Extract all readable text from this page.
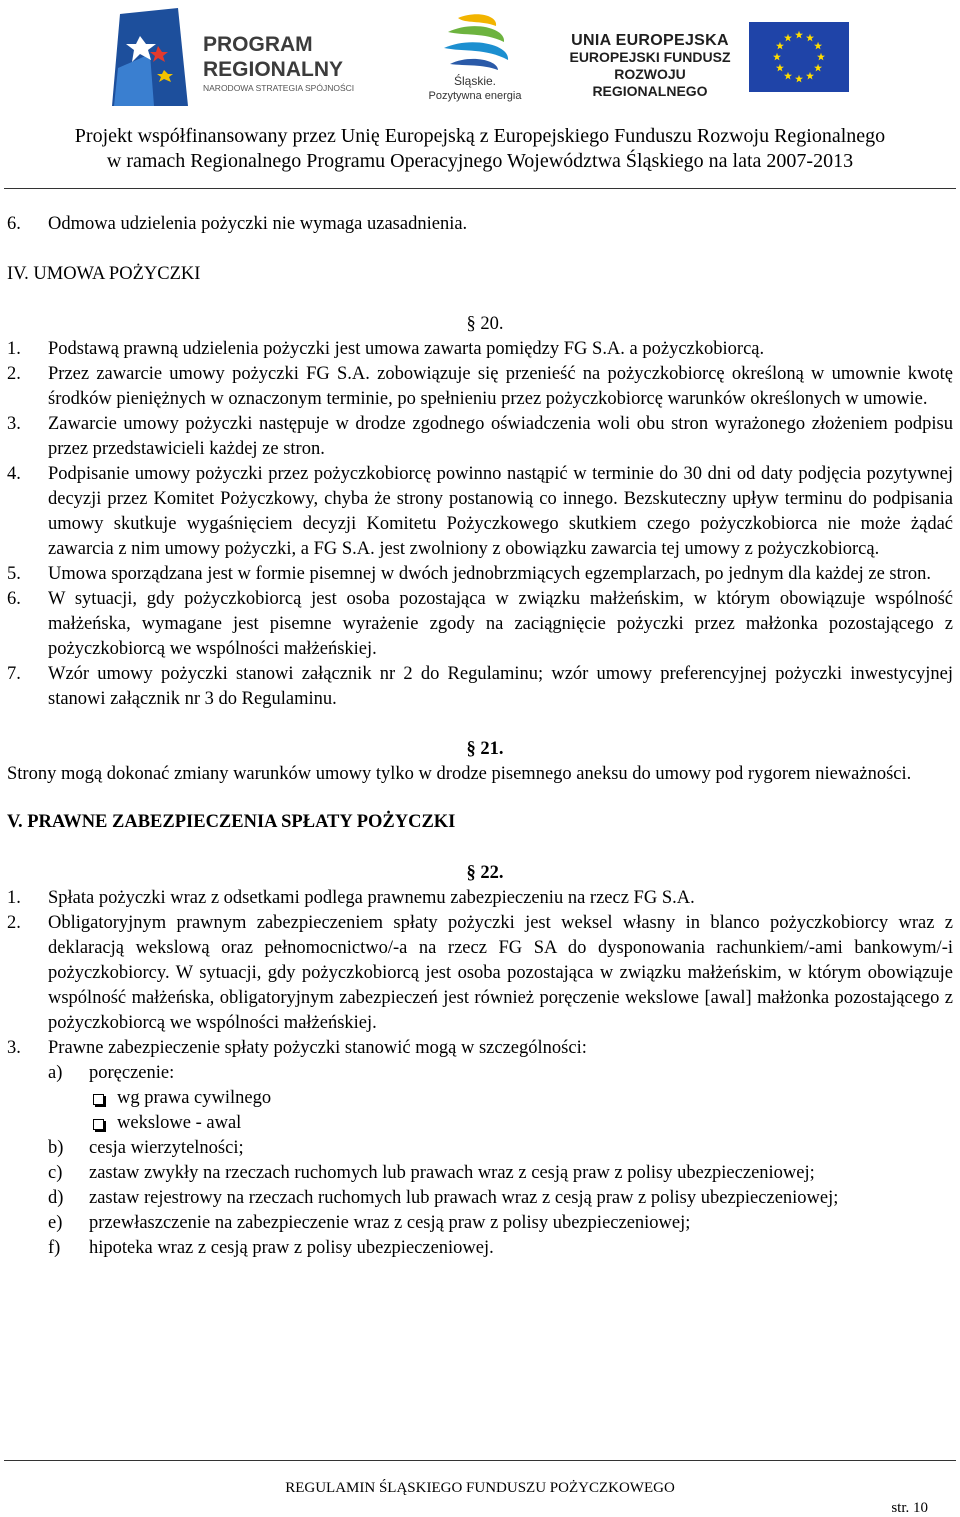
PROGRAM
REGIONALNY
NARODOWA STRATEGIA SPÓJNOŚCI	Śląskie.
Pozytywna energia
UNIA EUROPEJSKA
EUROPEJSKI FUNDUSZ
ROZWOJU REGIONALNEGO
Projekt współfinansowany przez Unię Europejską z Europejskiego Funduszu Rozwoju Regionalnego
w ramach Regionalnego Programu Operacyjnego Województwa Śląskiego na lata 2007-2013
6. Odmowa udzielenia pożyczki nie wymaga uzasadnienia.
IV. UMOWA POŻYCZKI
§ 20.
1. Podstawą prawną udzielenia pożyczki jest umowa zawarta pomiędzy FG S.A. a pożyczkobiorcą.
2. Przez zawarcie umowy pożyczki FG S.A. zobowiązuje się przenieść na pożyczkobiorcę określoną w umownie kwotę środków pieniężnych w oznaczonym terminie, po spełnieniu przez pożyczkobiorcę warunków określonych w umowie.
3. Zawarcie umowy pożyczki następuje w drodze zgodnego oświadczenia woli obu stron wyrażonego złożeniem podpisu przez przedstawicieli każdej ze stron.
4. Podpisanie umowy pożyczki przez pożyczkobiorcę powinno nastąpić w terminie do 30 dni od daty podjęcia pozytywnej decyzji przez Komitet Pożyczkowy, chyba że strony postanowią co innego. Bezskuteczny upływ terminu do podpisania umowy skutkuje wygaśnięciem decyzji Komitetu Pożyczkowego skutkiem czego pożyczkobiorca nie może żądać zawarcia z nim umowy pożyczki, a FG S.A. jest zwolniony z obowiązku zawarcia tej umowy z pożyczkobiorcą.
5. Umowa sporządzana jest w formie pisemnej w dwóch jednobrzmiących egzemplarzach, po jednym dla każdej ze stron.
6. W sytuacji, gdy pożyczkobiorcą jest osoba pozostająca w związku małżeńskim, w którym obowiązuje wspólność małżeńska, wymagane jest pisemne wyrażenie zgody na zaciągnięcie pożyczki przez małżonka pozostającego z pożyczkobiorcą we wspólności małżeńskiej.
7. Wzór umowy pożyczki stanowi załącznik nr 2 do Regulaminu; wzór umowy preferencyjnej pożyczki inwestycyjnej stanowi załącznik nr 3 do Regulaminu.
§ 21.
Strony mogą dokonać zmiany warunków umowy tylko w drodze pisemnego aneksu do umowy pod rygorem nieważności.
V. PRAWNE ZABEZPIECZENIA SPŁATY POŻYCZKI
§ 22.
1. Spłata pożyczki wraz z odsetkami podlega prawnemu zabezpieczeniu na rzecz FG S.A.
2. Obligatoryjnym prawnym zabezpieczeniem spłaty pożyczki jest weksel własny in blanco pożyczkobiorcy wraz z deklaracją wekslową oraz pełnomocnictwo/-a na rzecz FG SA do dysponowania rachunkiem/-ami bankowym/-i pożyczkobiorcy. W sytuacji, gdy pożyczkobiorcą jest osoba pozostająca w związku małżeńskim, w którym obowiązuje wspólność małżeńska, obligatoryjnym zabezpieczeń jest również poręczenie wekslowe [awal] małżonka pozostającego z pożyczkobiorcą we wspólności małżeńskiej.
3. Prawne zabezpieczenie spłaty pożyczki stanowić mogą w szczególności:
a) poręczenie:
wg prawa cywilnego
wekslowe - awal
b) cesja wierzytelności;
c) zastaw zwykły na rzeczach ruchomych lub prawach wraz z cesją praw z polisy ubezpieczeniowej;
d) zastaw rejestrowy na rzeczach ruchomych lub prawach wraz z cesją praw z polisy ubezpieczeniowej;
e) przewłaszczenie na zabezpieczenie wraz z cesją praw z polisy ubezpieczeniowej;
f) hipoteka wraz z cesją praw z polisy ubezpieczeniowej.
REGULAMIN ŚLĄSKIEGO FUNDUSZU POŻYCZKOWEGO
str. 10
